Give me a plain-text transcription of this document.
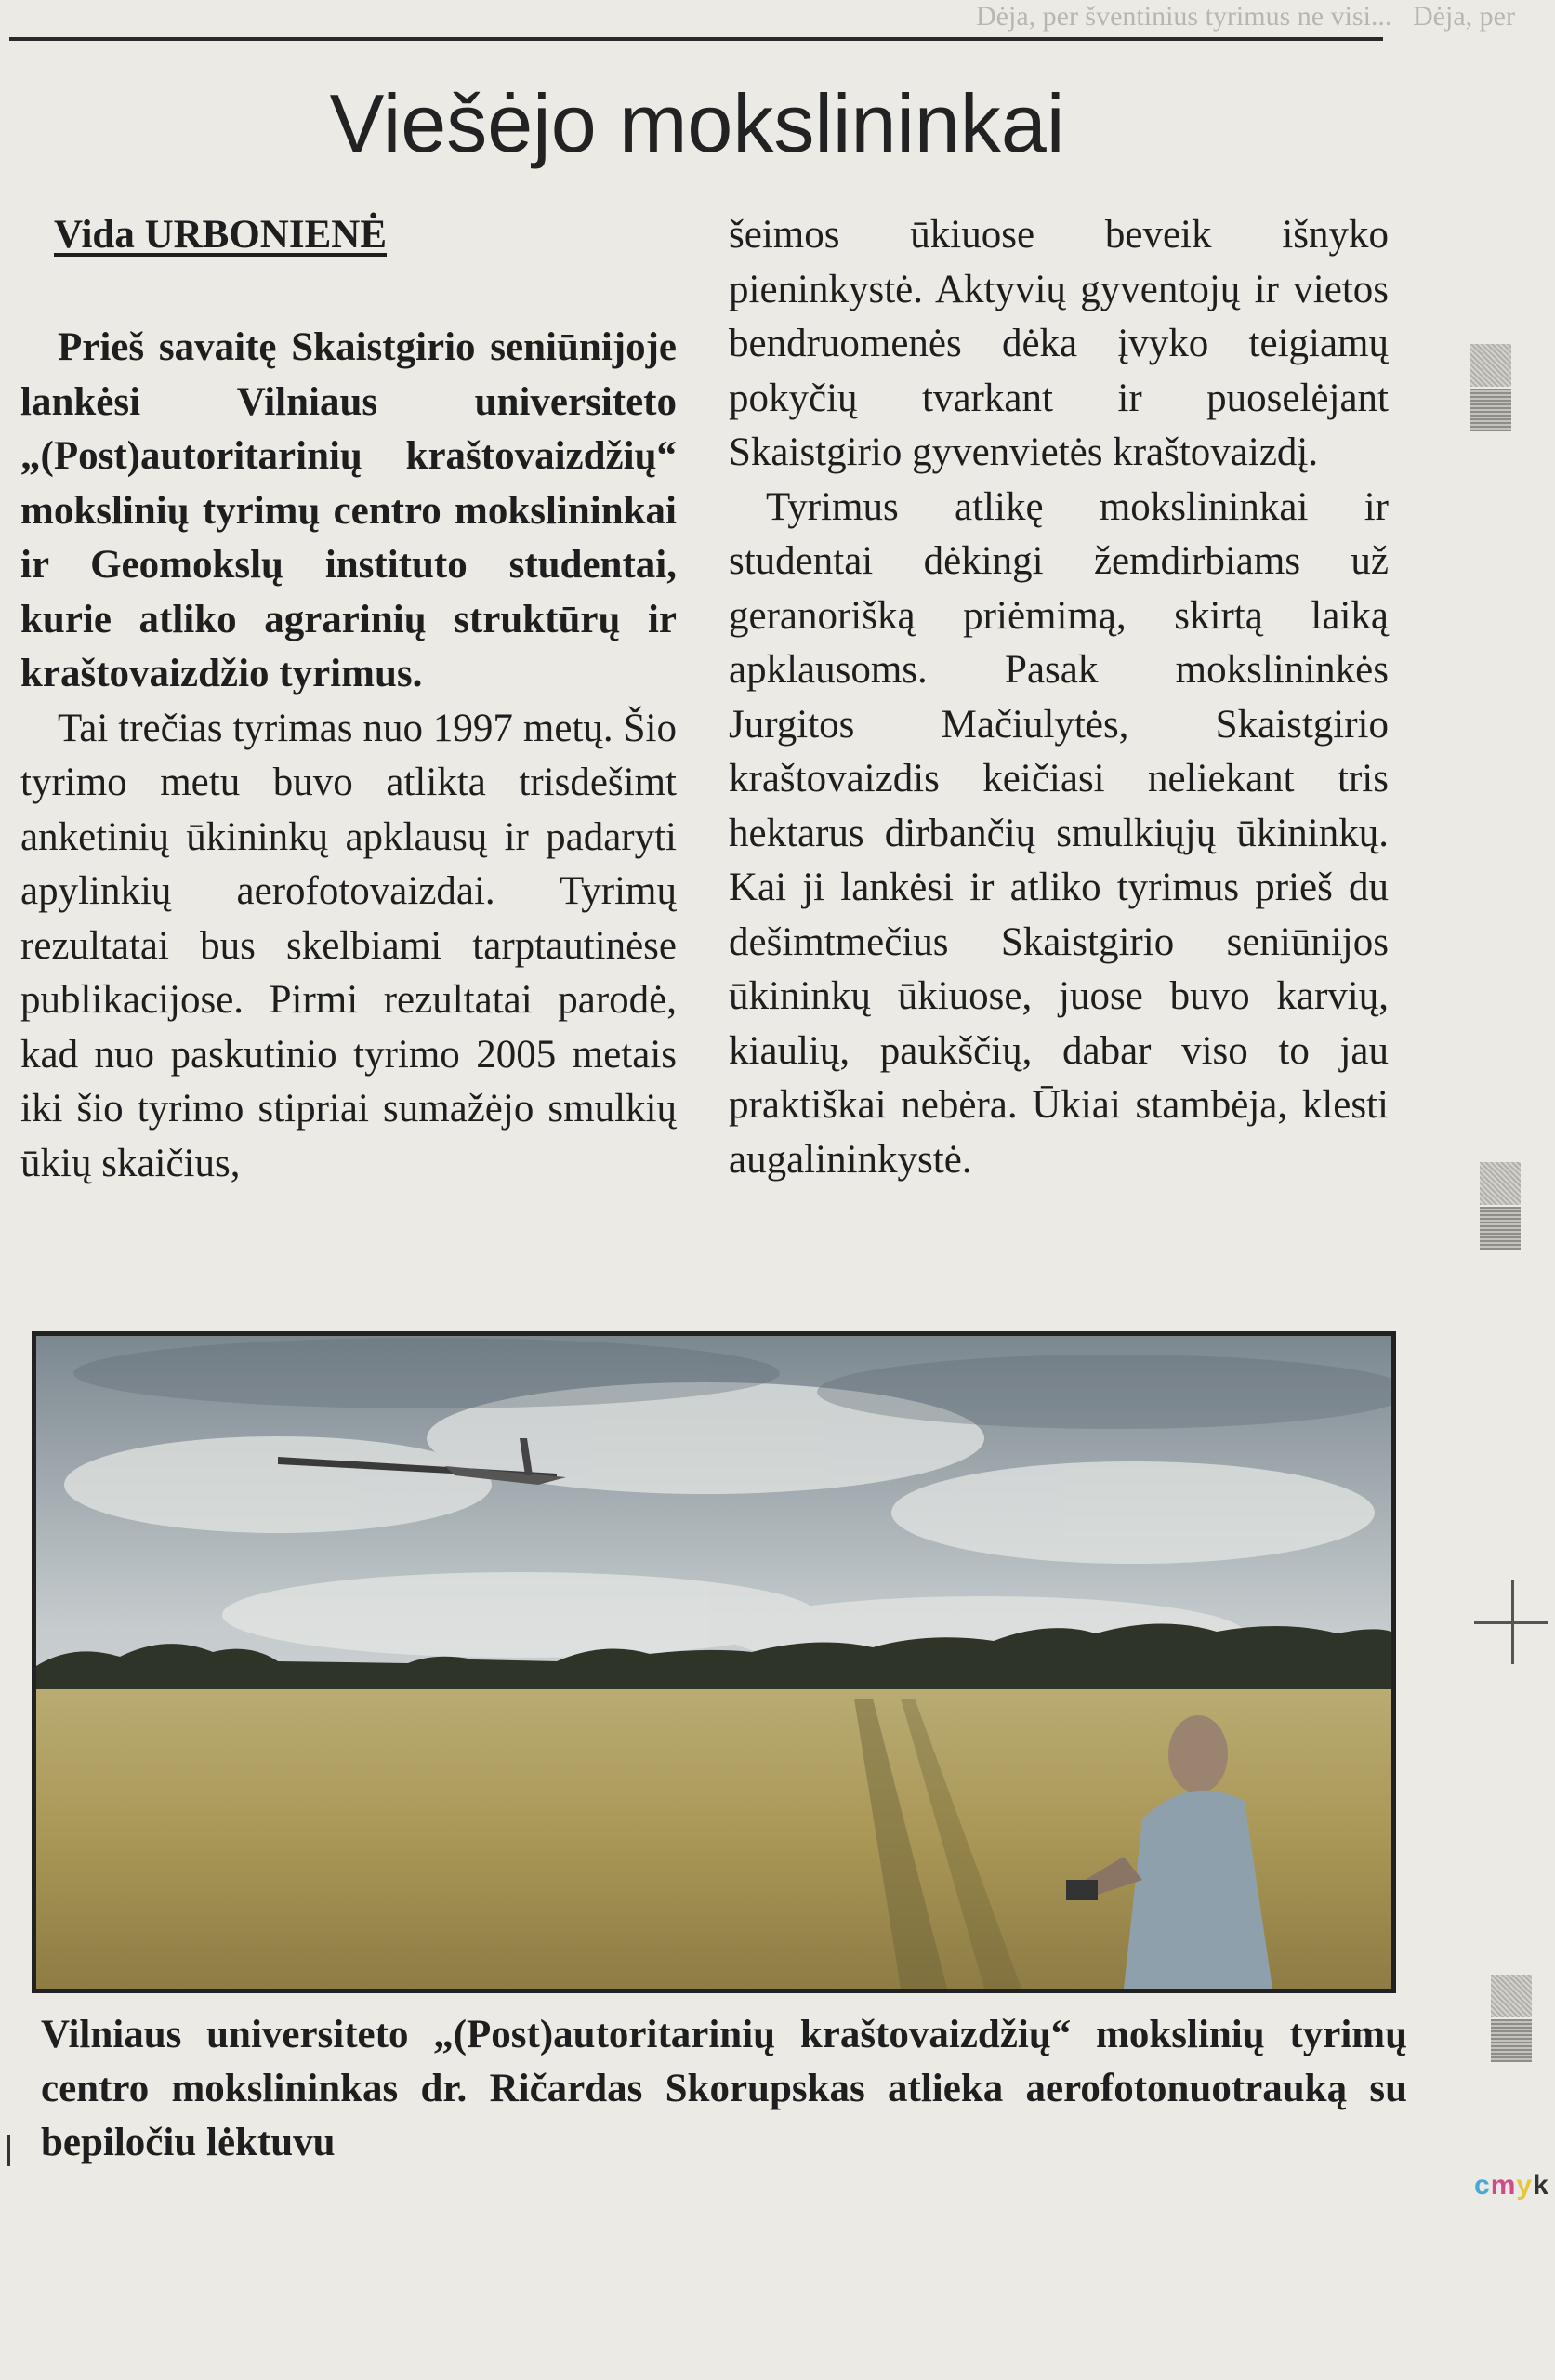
Dėja, per šventinius tyrimus ne visi... Dėja, per
Viešėjo mokslininkai

Vida URBONIENĖ

Prieš savaitę Skaistgirio seniūnijoje lankėsi Vilniaus universiteto „(Post)autoritarinių kraštovaizdžių“ mokslinių tyrimų centro mokslininkai ir Geomokslų instituto studentai, kurie atliko agrarinių struktūrų ir kraštovaizdžio tyrimus.

Tai trečias tyrimas nuo 1997 metų. Šio tyrimo metu buvo atlikta trisdešimt anketinių ūkininkų apklausų ir padaryti apylinkių aerofotovaizdai. Tyrimų rezultatai bus skelbiami tarptautinėse publikacijose. Pirmi rezultatai parodė, kad nuo paskutinio tyrimo 2005 metais iki šio tyrimo stipriai sumažėjo smulkių ūkių skaičius,

šeimos ūkiuose beveik išnyko pieninkystė. Aktyvių gyventojų ir vietos bendruomenės dėka įvyko teigiamų pokyčių tvarkant ir puoselėjant Skaistgirio gyvenvietės kraštovaizdį.

Tyrimus atlikę mokslininkai ir studentai dėkingi žemdirbiams už geranorišką priėmimą, skirtą laiką apklausoms. Pasak mokslininkės Jurgitos Mačiulytės, Skaistgirio kraštovaizdis keičiasi neliekant tris hektarus dirbančių smulkiųjų ūkininkų. Kai ji lankėsi ir atliko tyrimus prieš du dešimtmečius Skaistgirio seniūnijos ūkininkų ūkiuose, juose buvo karvių, kiaulių, paukščių, dabar viso to jau praktiškai nebėra. Ūkiai stambėja, klesti augalininkystė.

Vilniaus universiteto „(Post)autoritarinių kraštovaizdžių“ mokslinių tyrimų centro mokslininkas dr. Ričardas Skorupskas atlieka aerofotonuotrauką su bepiločiu lėktuvu

cmyk
